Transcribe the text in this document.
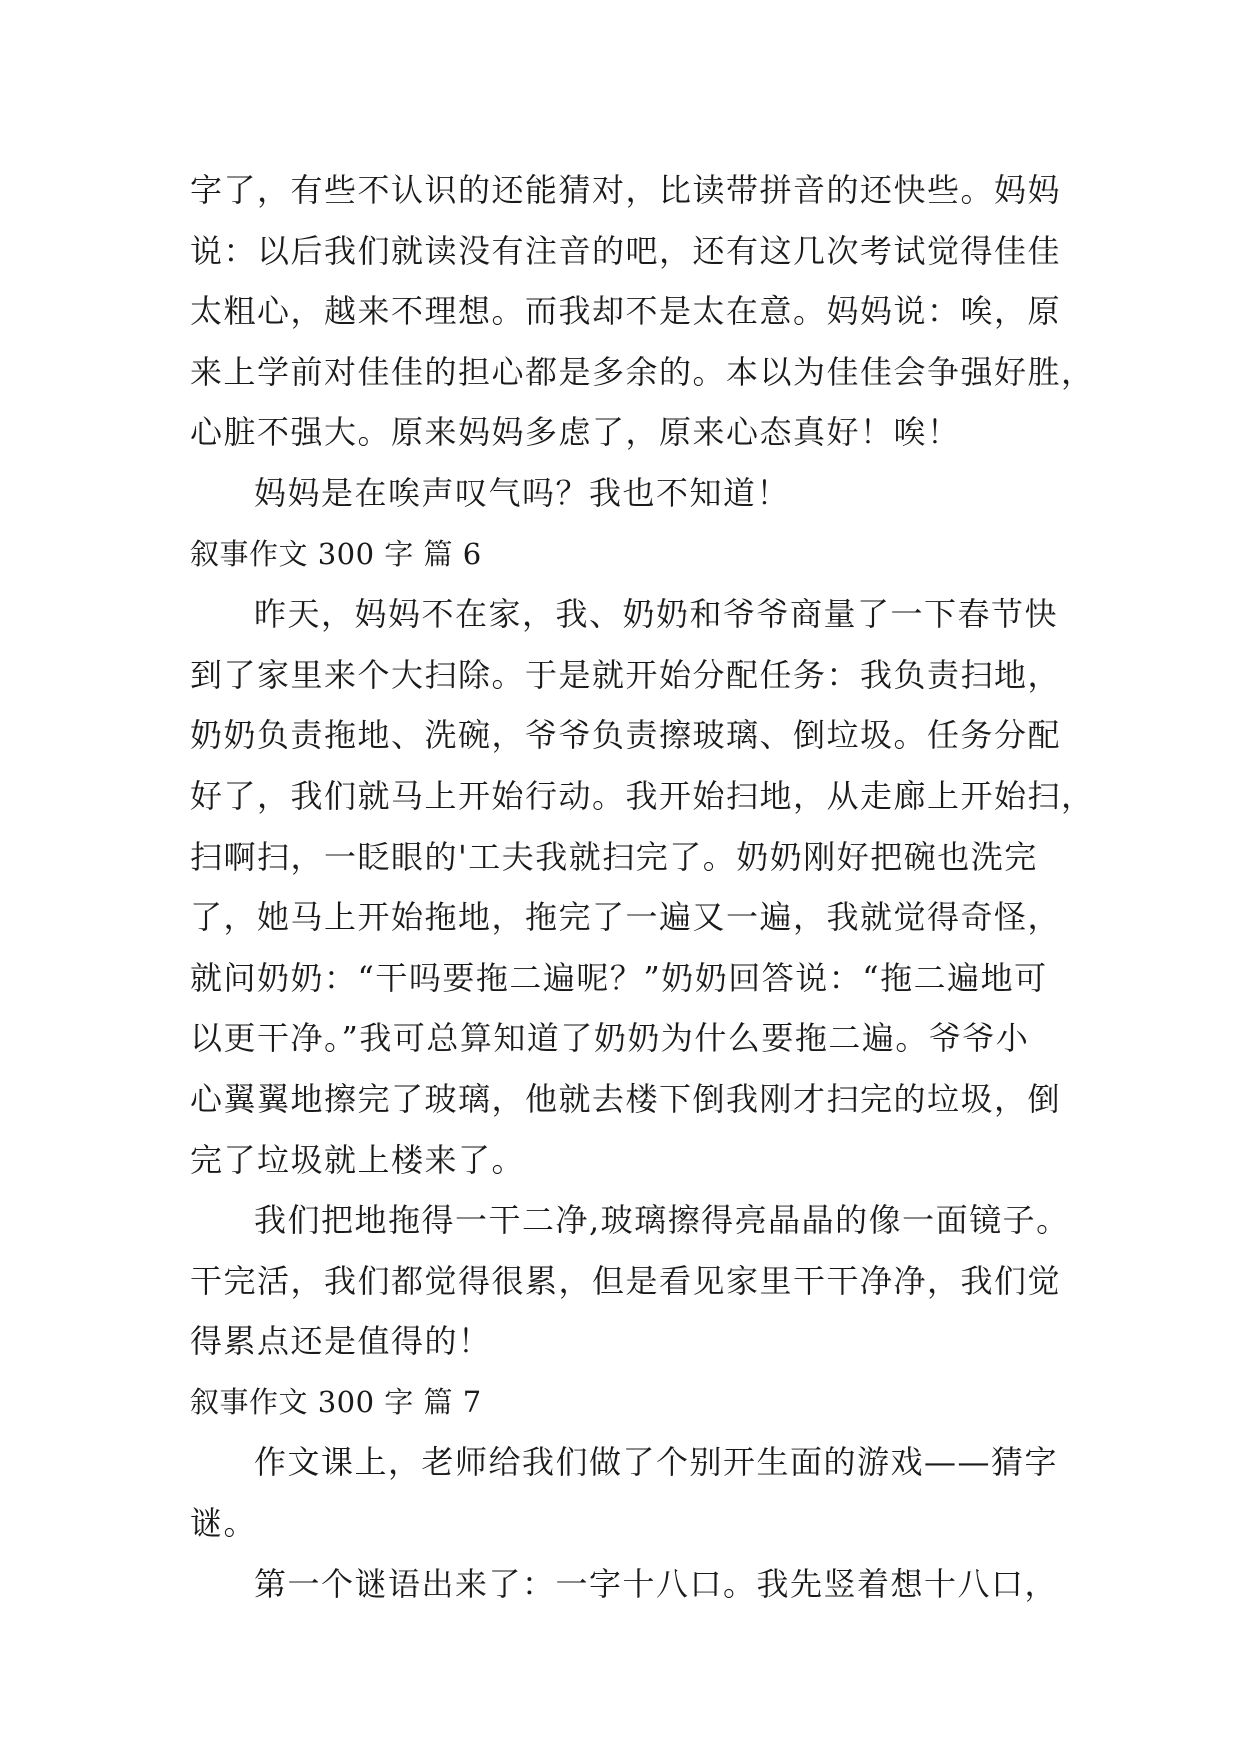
字了，有些不认识的还能猜对，比读带拼音的还快些。妈妈
说：以后我们就读没有注音的吧，还有这几次考试觉得佳佳
太粗心，越来不理想。而我却不是太在意。妈妈说：唉，原
来上学前对佳佳的担心都是多余的。本以为佳佳会争强好胜，
心脏不强大。原来妈妈多虑了，原来心态真好！唉！
妈妈是在唉声叹气吗？我也不知道！
叙事作文 300 字 篇 6
昨天，妈妈不在家，我、奶奶和爷爷商量了一下春节快
到了家里来个大扫除。于是就开始分配任务：我负责扫地，
奶奶负责拖地、洗碗，爷爷负责擦玻璃、倒垃圾。任务分配
好了，我们就马上开始行动。我开始扫地，从走廊上开始扫，
扫啊扫，一眨眼的'工夫我就扫完了。奶奶刚好把碗也洗完
了，她马上开始拖地，拖完了一遍又一遍，我就觉得奇怪，
就问奶奶：“干吗要拖二遍呢？”奶奶回答说：“拖二遍地可
以更干净。”我可总算知道了奶奶为什么要拖二遍。爷爷小
心翼翼地擦完了玻璃，他就去楼下倒我刚才扫完的垃圾，倒
完了垃圾就上楼来了。
我们把地拖得一干二净,玻璃擦得亮晶晶的像一面镜子。
干完活，我们都觉得很累，但是看见家里干干净净，我们觉
得累点还是值得的！
叙事作文 300 字 篇 7
作文课上，老师给我们做了个别开生面的游戏——猜字
谜。
第一个谜语出来了：一字十八口。我先竖着想十八口，
